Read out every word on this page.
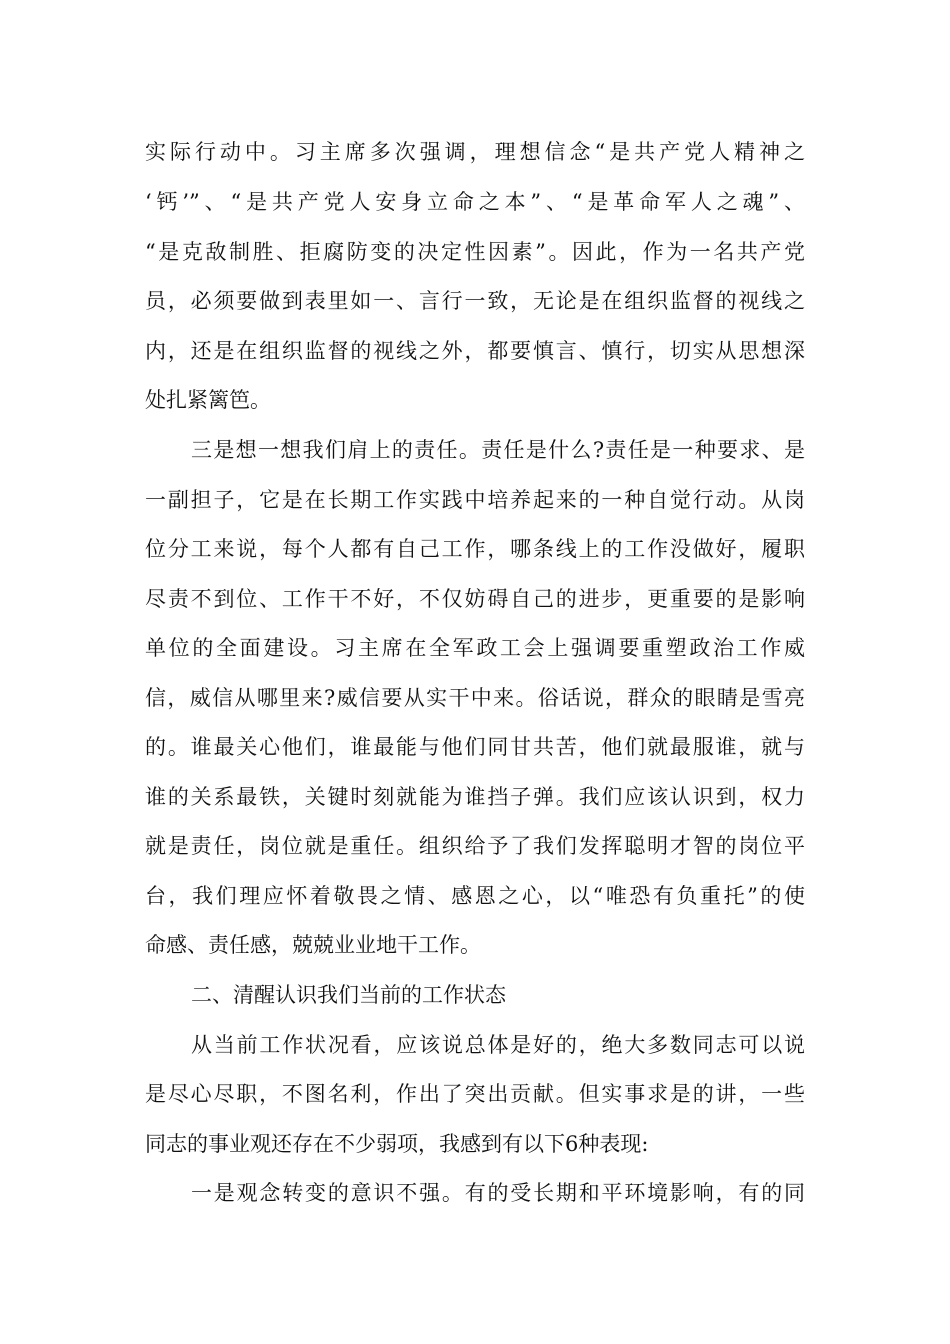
实际行动中。习主席多次强调，理想信念“是共产党人精神之
‘钙’”、“是共产党人安身立命之本”、“是革命军人之魂”、
“是克敌制胜、拒腐防变的决定性因素”。因此，作为一名共产党
员，必须要做到表里如一、言行一致，无论是在组织监督的视线之
内，还是在组织监督的视线之外，都要慎言、慎行，切实从思想深
处扎紧篱笆。
三是想一想我们肩上的责任。责任是什么?责任是一种要求、是
一副担子，它是在长期工作实践中培养起来的一种自觉行动。从岗
位分工来说，每个人都有自己工作，哪条线上的工作没做好，履职
尽责不到位、工作干不好，不仅妨碍自己的进步，更重要的是影响
单位的全面建设。习主席在全军政工会上强调要重塑政治工作威
信，威信从哪里来?威信要从实干中来。俗话说，群众的眼睛是雪亮
的。谁最关心他们，谁最能与他们同甘共苦，他们就最服谁，就与
谁的关系最铁，关键时刻就能为谁挡子弹。我们应该认识到，权力
就是责任，岗位就是重任。组织给予了我们发挥聪明才智的岗位平
台，我们理应怀着敬畏之情、感恩之心，以“唯恐有负重托”的使
命感、责任感，兢兢业业地干工作。
二、清醒认识我们当前的工作状态
从当前工作状况看，应该说总体是好的，绝大多数同志可以说
是尽心尽职，不图名利，作出了突出贡献。但实事求是的讲，一些
同志的事业观还存在不少弱项，我感到有以下6种表现:
一是观念转变的意识不强。有的受长期和平环境影响，有的同
